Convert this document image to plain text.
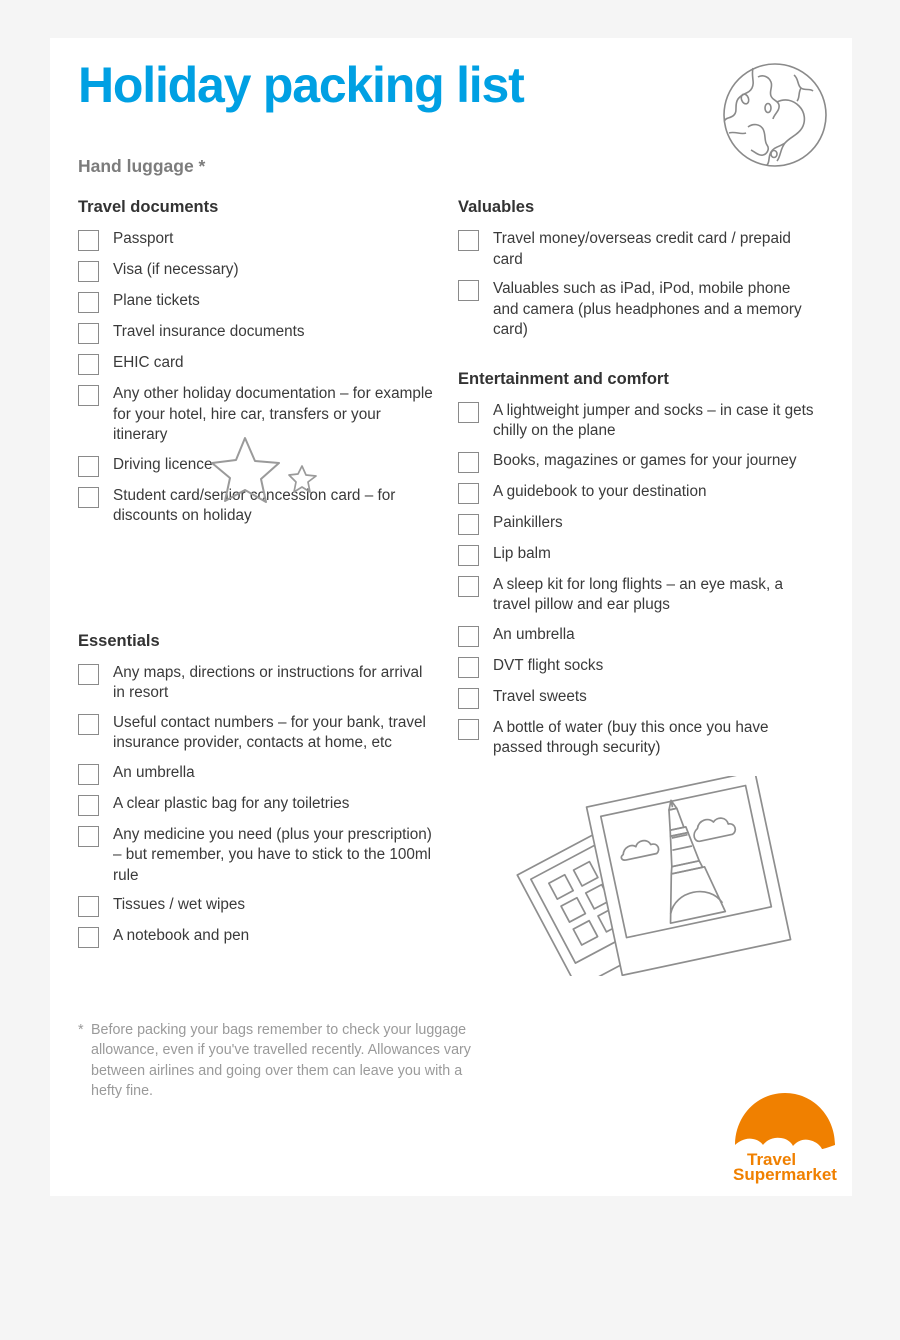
Holiday packing list
Hand luggage *
Travel documents
Passport
Visa (if necessary)
Plane tickets
Travel insurance documents
EHIC card
Any other holiday documentation – for example for your hotel, hire car, transfers or your itinerary
Driving licence
Student card/senior concession card – for discounts on holiday
Essentials
Any maps, directions or instructions for arrival in resort
Useful contact numbers – for your bank, travel insurance provider, contacts at home, etc
An umbrella
A clear plastic bag for any toiletries
Any medicine you need (plus your prescription) – but remember, you have to stick to the 100ml rule
Tissues / wet wipes
A notebook and pen
Valuables
Travel money/overseas credit card / prepaid card
Valuables such as iPad, iPod, mobile phone and camera (plus headphones and a memory card)
Entertainment and comfort
A lightweight jumper and socks – in case it gets chilly on the plane
Books, magazines or games for your journey
A guidebook to your destination
Painkillers
Lip balm
A sleep kit for long flights – an eye mask, a travel pillow and ear plugs
An umbrella
DVT flight socks
Travel sweets
A bottle of water (buy this once you have passed through security)
* Before packing your bags remember to check your luggage allowance, even if you've travelled recently. Allowances vary between airlines and going over them can leave you with a hefty fine.
Travel
Supermarket
